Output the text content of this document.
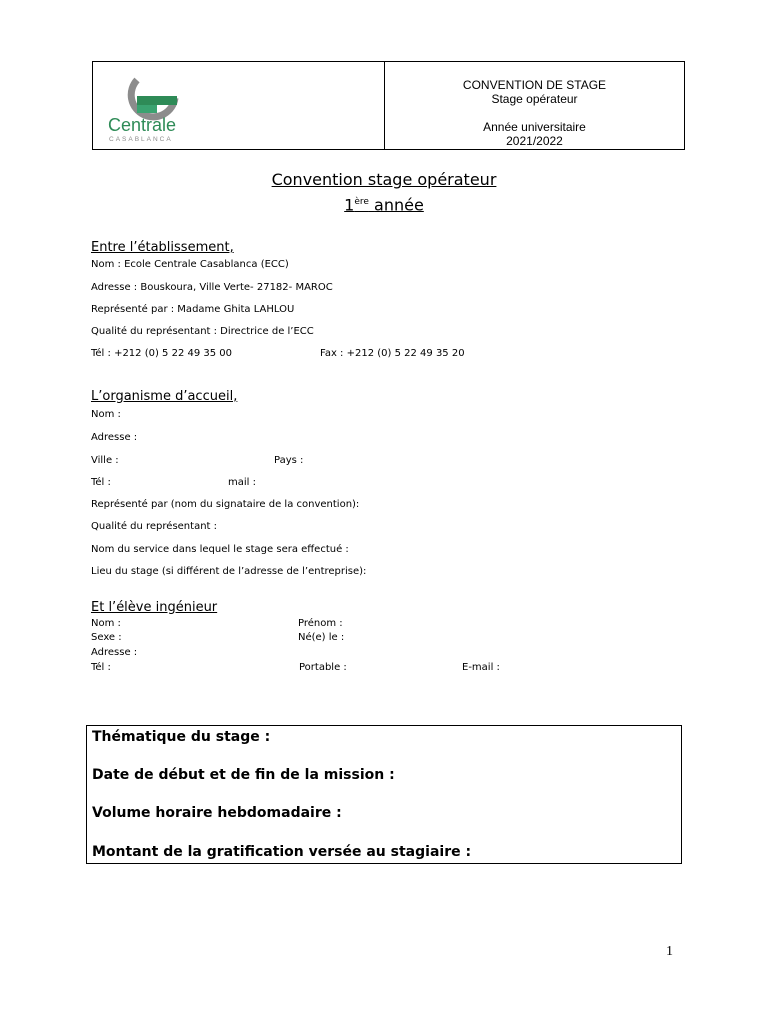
Centrale
CASABLANCA
CONVENTION DE STAGE
Stage opérateur
Année universitaire
2021/2022
Convention stage opérateur
1ère année
Entre l’établissement,
Nom : Ecole Centrale Casablanca (ECC)
Adresse : Bouskoura, Ville Verte- 27182- MAROC
Représenté par : Madame Ghita LAHLOU
Qualité du représentant : Directrice de l’ECC
Tél : +212 (0) 5 22 49 35 00	Fax : +212 (0) 5 22 49 35 20
L’organisme d’accueil,
Nom :
Adresse :
Ville :	Pays :
Tél :	mail :
Représenté par (nom du signataire de la convention):
Qualité du représentant :
Nom du service dans lequel le stage sera effectué :
Lieu du stage (si différent de l’adresse de l’entreprise):
Et l’élève ingénieur
Nom :	Prénom :
Sexe :	Né(e) le :
Adresse :
Tél :	Portable :	E-mail :
Thématique du stage :
Date de début et de fin de la mission :
Volume horaire hebdomadaire :
Montant de la gratification versée au stagiaire :
1
